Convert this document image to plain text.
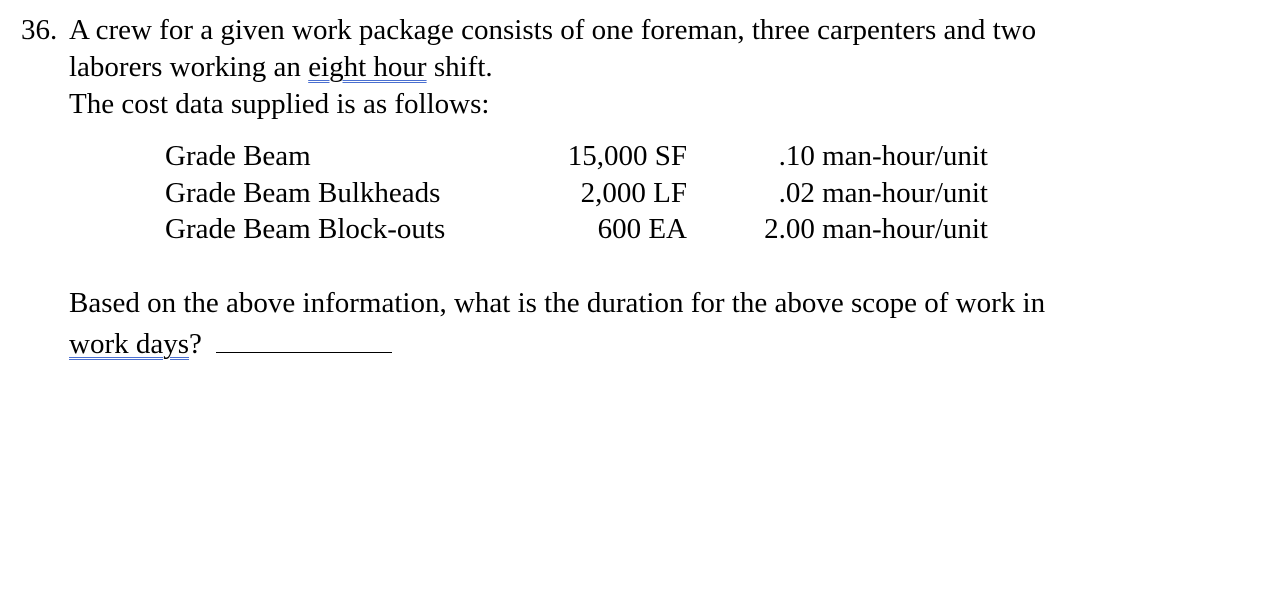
36. A crew for a given work package consists of one foreman, three carpenters and two
laborers working an eight hour shift.
The cost data supplied is as follows:
Grade Beam	15,000 SF	.10 man-hour/unit
Grade Beam Bulkheads	2,000 LF	.02 man-hour/unit
Grade Beam Block-outs	600 EA	2.00 man-hour/unit
Based on the above information, what is the duration for the above scope of work in
work days?
